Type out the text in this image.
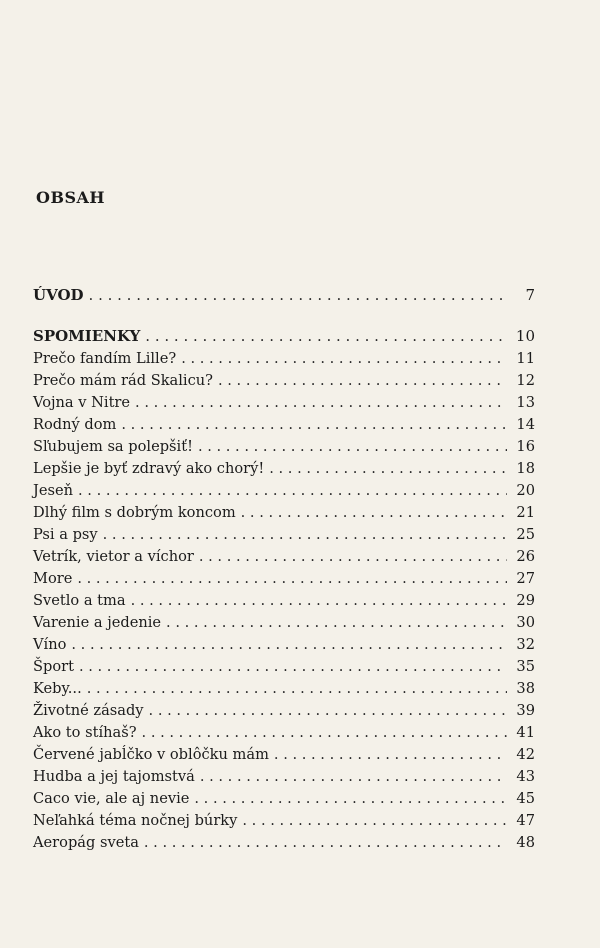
OBSAH
ÚVOD . . .	7
SPOMIENKY . . .	10
Prečo fandím Lille? . . .	11
Prečo mám rád Skalicu? . . .	12
Vojna v Nitre . . .	13
Rodný dom . . .	14
Sľubujem sa polepšiť! . . .	16
Lepšie je byť zdravý ako chorý! . . .	18
Jeseň . . .	20
Dlhý film s dobrým koncom . . .	21
Psi a psy . . .	25
Vetrík, vietor a víchor . . .	26
More . . .	27
Svetlo a tma . . .	29
Varenie a jedenie . . .	30
Víno . . .	32
Šport . . .	35
Keby... . . .	38
Životné zásady . . .	39
Ako to stíhaš? . . .	41
Červené jabĺčko v oblôčku mám . . .	42
Hudba a jej tajomstvá . . .	43
Caco vie, ale aj nevie . . .	45
Neľahká téma nočnej búrky . . .	47
Aeropág sveta . . .	48
